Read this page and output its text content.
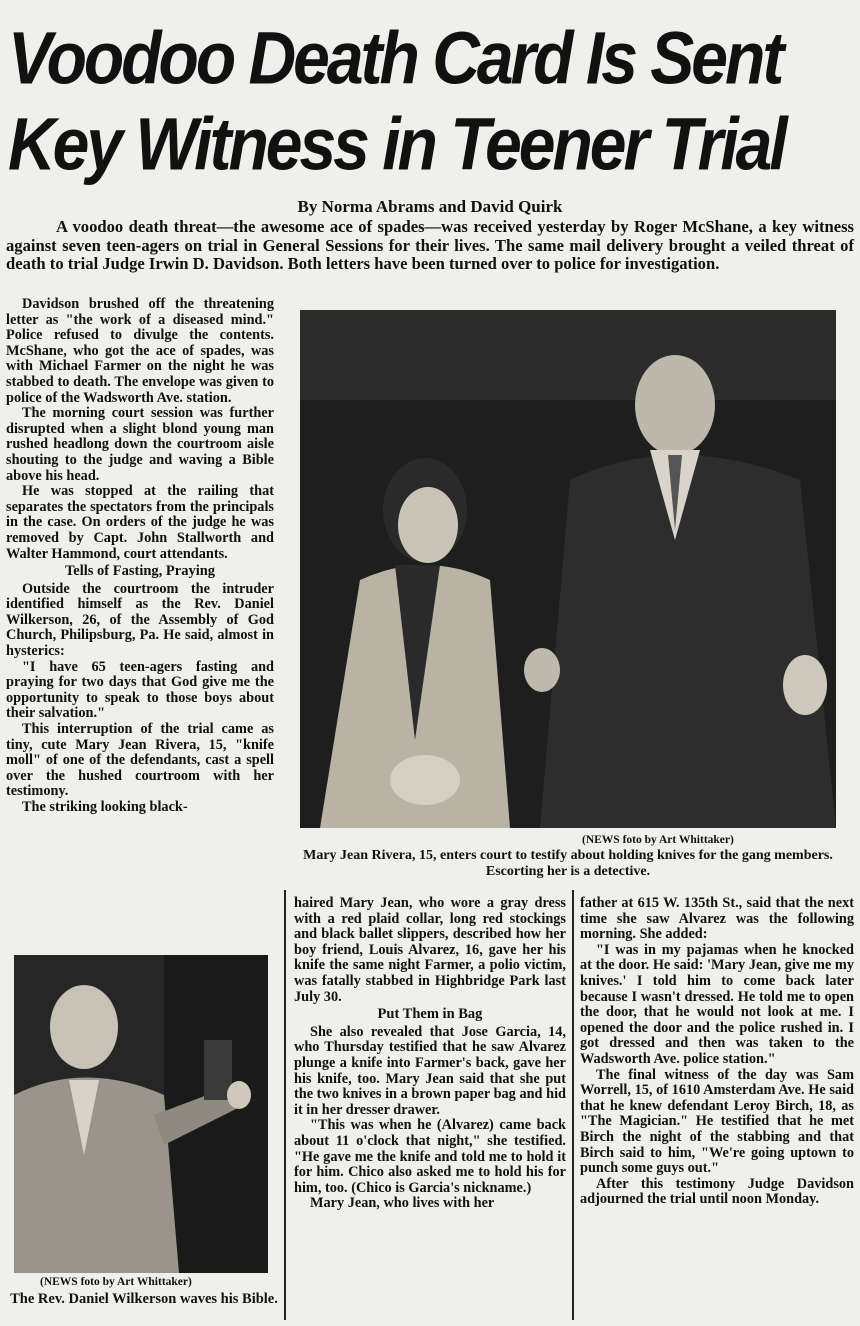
Voodoo Death Card Is Sent
Key Witness in Teener Trial
By Norma Abrams and David Quirk
A voodoo death threat—the awesome ace of spades—was received yesterday by Roger McShane, a key witness against seven teen-agers on trial in General Sessions for their lives. The same mail delivery brought a veiled threat of death to trial Judge Irwin D. Davidson. Both letters have been turned over to police for investigation.

Davidson brushed off the threatening letter as "the work of a diseased mind." Police refused to divulge the contents. McShane, who got the ace of spades, was with Michael Farmer on the night he was stabbed to death. The envelope was given to police of the Wadsworth Ave. station.

The morning court session was further disrupted when a slight blond young man rushed headlong down the courtroom aisle shouting to the judge and waving a Bible above his head.

He was stopped at the railing that separates the spectators from the principals in the case. On orders of the judge he was removed by Capt. John Stallworth and Walter Hammond, court attendants.

Tells of Fasting, Praying

Outside the courtroom the intruder identified himself as the Rev. Daniel Wilkerson, 26, of the Assembly of God Church, Philipsburg, Pa. He said, almost in hysterics:

"I have 65 teen-agers fasting and praying for two days that God give me the opportunity to speak to those boys about their salvation."

This interruption of the trial came as tiny, cute Mary Jean Rivera, 15, "knife moll" of one of the defendants, cast a spell over the hushed courtroom with her testimony.

The striking looking black-

(NEWS foto by Art Whittaker)
Mary Jean Rivera, 15, enters court to testify about holding knives for the gang members. Escorting her is a detective.
(NEWS foto by Art Whittaker)
The Rev. Daniel Wilkerson waves his Bible.

haired Mary Jean, who wore a gray dress with a red plaid collar, long red stockings and black ballet slippers, described how her boy friend, Louis Alvarez, 16, gave her his knife the same night Farmer, a polio victim, was fatally stabbed in Highbridge Park last July 30.

Put Them in Bag

She also revealed that Jose Garcia, 14, who Thursday testified that he saw Alvarez plunge a knife into Farmer's back, gave her his knife, too. Mary Jean said that she put the two knives in a brown paper bag and hid it in her dresser drawer.

"This was when he (Alvarez) came back about 11 o'clock that night," she testified. "He gave me the knife and told me to hold it for him. Chico also asked me to hold his for him, too. (Chico is Garcia's nickname.)

Mary Jean, who lives with her

father at 615 W. 135th St., said that the next time she saw Alvarez was the following morning. She added:

"I was in my pajamas when he knocked at the door. He said: 'Mary Jean, give me my knives.' I told him to come back later because I wasn't dressed. He told me to open the door, that he would not look at me. I opened the door and the police rushed in. I got dressed and then was taken to the Wadsworth Ave. police station."

The final witness of the day was Sam Worrell, 15, of 1610 Amsterdam Ave. He said that he knew defendant Leroy Birch, 18, as "The Magician." He testified that he met Birch the night of the stabbing and that Birch said to him, "We're going uptown to punch some guys out."

After this testimony Judge Davidson adjourned the trial until noon Monday.
